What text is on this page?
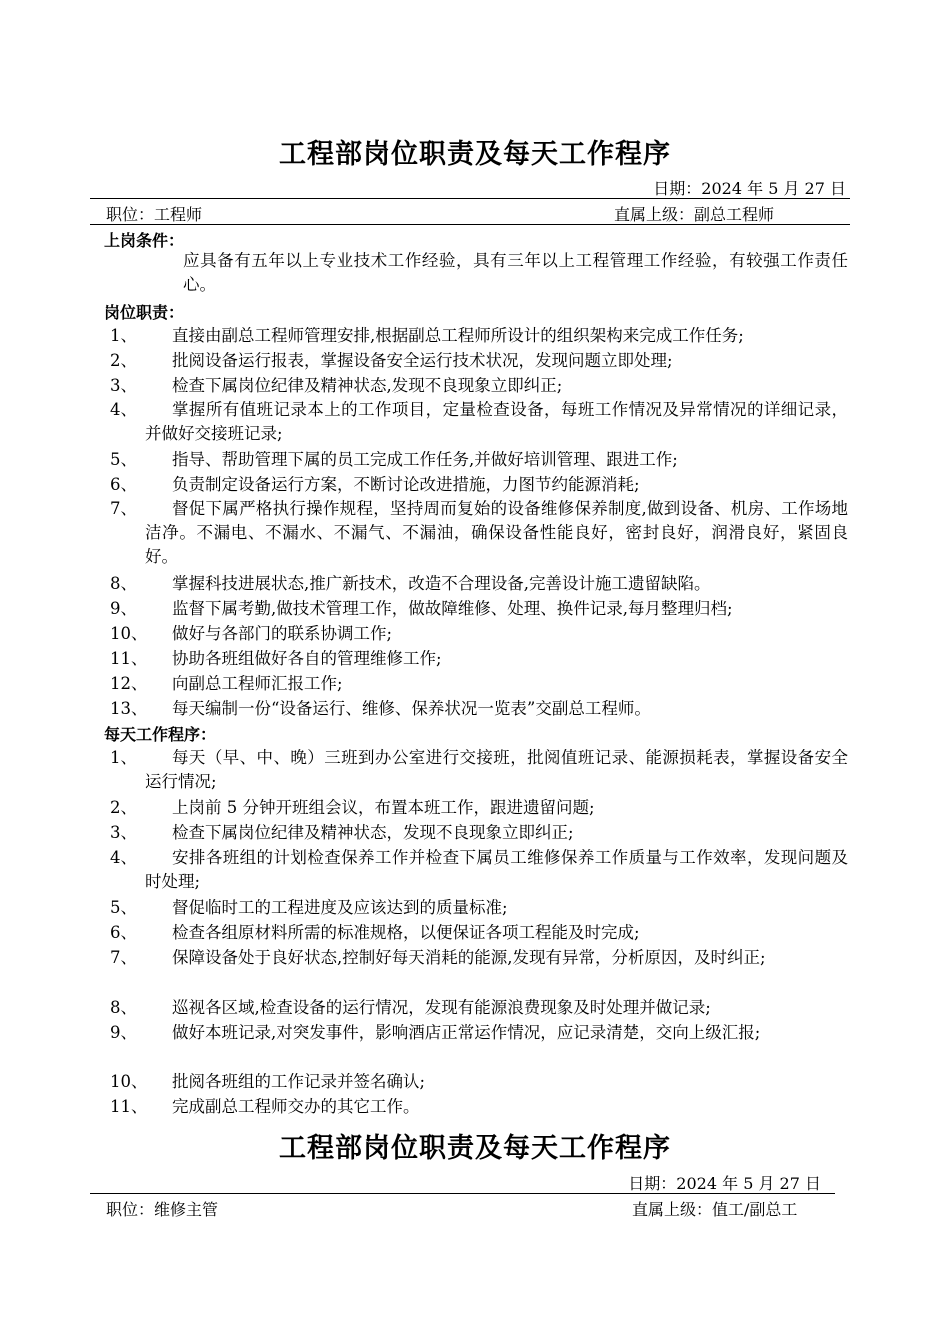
工程部岗位职责及每天工作程序
日期：2024 年 5 月 27 日
职位：工程师	直属上级：副总工程师
上岗条件：
应具备有五年以上专业技术工作经验，具有三年以上工程管理工作经验，有较强工作责任心。
岗位职责：
1、	直接由副总工程师管理安排,根据副总工程师所设计的组织架构来完成工作任务;
2、	批阅设备运行报表，掌握设备安全运行技术状况，发现问题立即处理;
3、	检查下属岗位纪律及精神状态,发现不良现象立即纠正;
4、	掌握所有值班记录本上的工作项目，定量检查设备，每班工作情况及异常情况的详细记录，并做好交接班记录;
5、	指导、帮助管理下属的员工完成工作任务,并做好培训管理、跟进工作;
6、	负责制定设备运行方案，不断讨论改进措施，力图节约能源消耗;
7、	督促下属严格执行操作规程，坚持周而复始的设备维修保养制度,做到设备、机房、工作场地洁净。不漏电、不漏水、不漏气、不漏油，确保设备性能良好，密封良好，润滑良好，紧固良好。
8、	掌握科技进展状态,推广新技术，改造不合理设备,完善设计施工遗留缺陷。
9、	监督下属考勤,做技术管理工作，做故障维修、处理、换件记录,每月整理归档;
10、	做好与各部门的联系协调工作;
11、	协助各班组做好各自的管理维修工作;
12、	向副总工程师汇报工作;
13、	每天编制一份“设备运行、维修、保养状况一览表”交副总工程师。
每天工作程序：
1、	每天（早、中、晚）三班到办公室进行交接班，批阅值班记录、能源损耗表，掌握设备安全运行情况;
2、	上岗前 5 分钟开班组会议，布置本班工作，跟进遗留问题;
3、	检查下属岗位纪律及精神状态，发现不良现象立即纠正;
4、	安排各班组的计划检查保养工作并检查下属员工维修保养工作质量与工作效率，发现问题及时处理;
5、	督促临时工的工程进度及应该达到的质量标准;
6、	检查各组原材料所需的标准规格，以便保证各项工程能及时完成;
7、	保障设备处于良好状态,控制好每天消耗的能源,发现有异常，分析原因，及时纠正;
8、	巡视各区域,检查设备的运行情况，发现有能源浪费现象及时处理并做记录;
9、	做好本班记录,对突发事件，影响酒店正常运作情况，应记录清楚，交向上级汇报;
10、	批阅各班组的工作记录并签名确认;
11、	完成副总工程师交办的其它工作。
工程部岗位职责及每天工作程序
日期：2024 年 5 月 27 日
职位：维修主管	直属上级：值工/副总工
